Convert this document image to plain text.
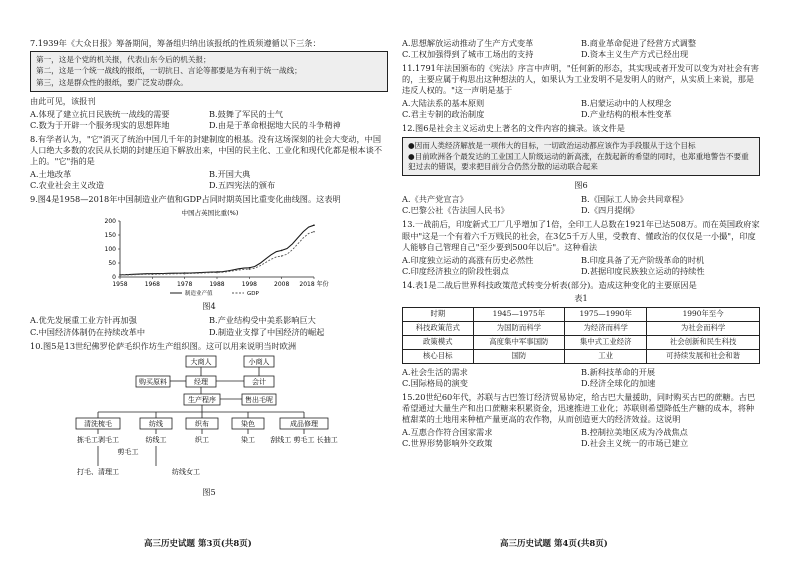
7.1939年《大众日报》筹备期间，筹备组归纳出该报纸的性质须遵循以下三条：

第一，这是个党的机关报，代表山东今后的机关报；

第二，这是一个统一战线的报纸，一切抗日、言论等都要是为有利于统一战线；

第三，这是群众性的报纸，要广泛发动群众。

由此可见，该报刊

A.体现了建立抗日民族统一战线的需要	B.鼓舞了军民的士气
C.数为于开辟一个服务现实的思想阵地	D.由是于革命根据地大民的斗争精神

8.有学者认为，"它"消灭了统治中国几千年的封建制度的根基。没有这场深刻的社会大变动，中国人口绝大多数的农民从长期的封建压迫下解放出来，中国的民主化、工业化和现代化都是根本谈不上的。"它"指的是

A.土地改革	B.开国大典
C.农业社会主义改造	D.五四宪法的颁布

9.图4是1958—2018年中国制造业产值和GDP占同时期英国比重变化曲线图。这表明

中国占英国比重(%)
0
50
100
150
200
1958	1968	1978	1988	1998	2008 2018 年份
制造业产值	GDP

图4

A.优先发展重工业方针再加强	B.产业结构受中美系影响巨大
C.中国经济体制仍在持续改革中	D.制造业支撑了中国经济的崛起

10.图5是13世纪佛罗伦萨毛织作坊生产组织图。这可以用来说明当时欧洲

大商人	小商人
购买原料	经理	会计
生产程序	售出毛呢
清洗梳毛	纺线	织布	染色	成品修理
拣毛工剥毛工	纺线工	织工	染工 刮线工 剪毛工 长抽工
剪毛工
打毛、清理工	纺线女工

图5

A.思想解放运动推动了生产方式变革	B.商业革命促进了经营方式调整
C.工权加强得到了城市工场出的支持	D.资本主义生产方式已经出现

11.1791年法国颁布的《宪法》序言中声明，"任何新的形态，其实现或者开发可以变为对社会有害的，主要应属于构思出这种想法的人，如果认为工业发明不是发明人的财产，从实质上来说，那是违反人权的。"这一声明是基于

A.大陆法系的基本原则	B.启蒙运动中的人权理念
C.君主专制的政治制度	D.产业结构的根本性变革

12.图6是社会主义运动史上著名的文件内容的摘录。该文件是

●因而人类经济解放是一项伟大的目标，一切政治运动都应该作为手段服从于这个目标

●目前欧洲各个最发达的工业国工人阶级运动的新高涨，在鼓起新的希望的同时，也郑重地警告不要重犯过去的错误，要求把目前分合仍然分散的运动联合起来

图6

A.《共产党宣言》	B.《国际工人协会共同章程》
C.巴黎公社《告法国人民书》	D.《四月提纲》

13.一战前后，印度新式工厂几乎增加了1倍，全印工人总数在1921年已达508万。而在英国政府家眼中"这是一个有着六千万贱民的社会，在3亿5千万人里，受教育、懂政治的仅仅是一小撮"，印度人能够自己管理自己"至少要到500年以后"。这种看法

A.印度独立运动的高涨有历史必然性	B.印度具备了无产阶级革命的时机
C.印度经济独立的阶段性弱点	D.甚据印度民族独立运动的持续性

14.表1是二战后世界科技政策范式转变分析表(部分)。造成这种变化的主要原因是

表1

时期	1945—1975年	1975—1990年	1990年至今
科技政策范式	为国防而科学	为经济而科学	为社会而科学
政策模式	高度集中军事国防	集中式工业经济	社会创新和民生科技
核心目标	国防	工业	可持续发展和社会和谐
A.社会生活的需求	B.新科技革命的开展
C.国际格局的演变	D.经济全球化的加速

15.20世纪60年代，苏联与古巴签订经济贸易协定，给古巴大量援助，同时购买古巴的蔗糖。古巴希望通过大量生产和出口蔗糖来积累资金，迅速推进工业化；苏联则希望降低生产糖的成本，将种植甜菜的土地用来种植产量更高的农作物，从而创造更大的经济效益。这说明

A.互惠合作符合国家需求	B.控制拉美地区成为冷战焦点
C.世界形势影响外交政策	D.社会主义统一的市场已建立
高三历史试题 第3页(共8页)	高三历史试题 第4页(共8页)
